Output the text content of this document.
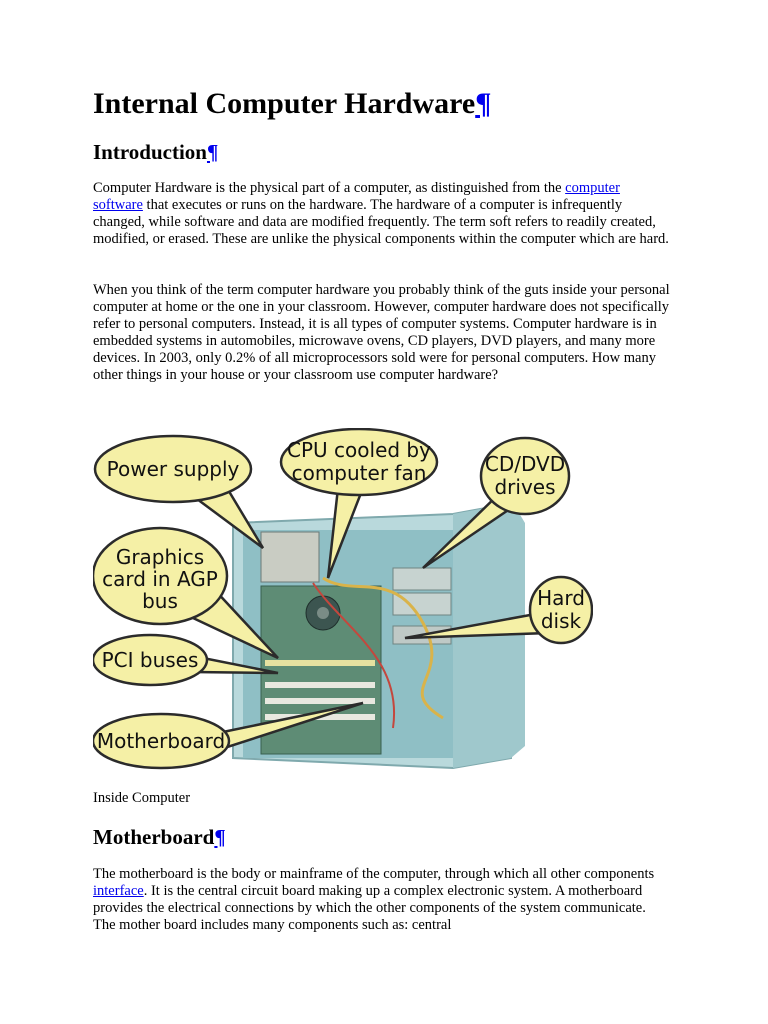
Internal Computer Hardware¶
Introduction¶

Computer Hardware is the physical part of a computer, as distinguished from the computer software that executes or runs on the hardware. The hardware of a computer is infrequently changed, while software and data are modified frequently. The term soft refers to readily created, modified, or erased. These are unlike the physical components within the computer which are hard.

When you think of the term computer hardware you probably think of the guts inside your personal computer at home or the one in your classroom. However, computer hardware does not specifically refer to personal computers. Instead, it is all types of computer systems. Computer hardware is in embedded systems in automobiles, microwave ovens, CD players, DVD players, and many more devices. In 2003, only 0.2% of all microprocessors sold were for personal computers. How many other things in your house or your classroom use computer hardware?

Power supply
CPU cooled by
computer fan	CD/DVD
drives
Graphics
card in AGP
bus	Hard
disk
PCI buses
Motherboard
Inside Computer
Motherboard¶

The motherboard is the body or mainframe of the computer, through which all other components interface. It is the central circuit board making up a complex electronic system. A motherboard provides the electrical connections by which the other components of the system communicate. The mother board includes many components such as: central
